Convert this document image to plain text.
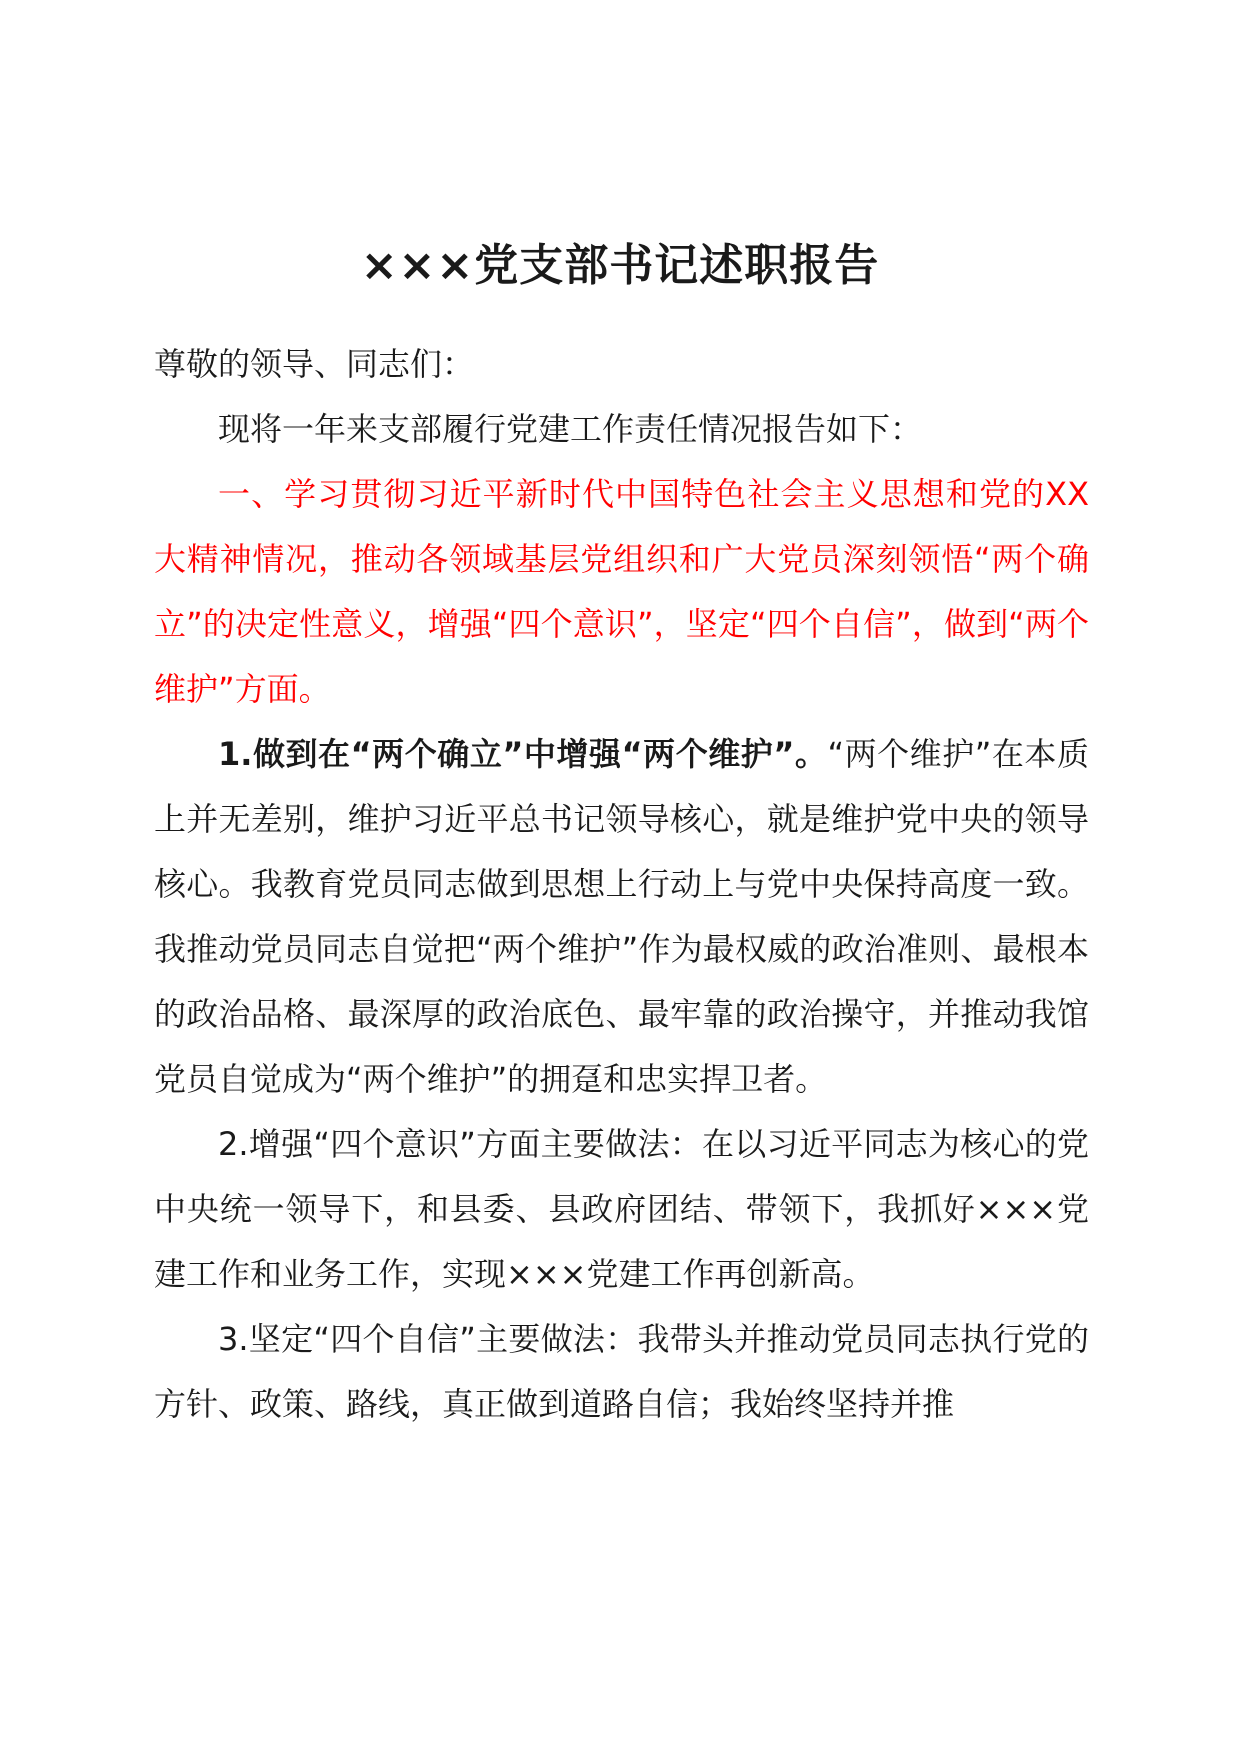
×××党支部书记述职报告

尊敬的领导、同志们：

现将一年来支部履行党建工作责任情况报告如下：

一、学习贯彻习近平新时代中国特色社会主义思想和党的XX大精神情况，推动各领域基层党组织和广大党员深刻领悟“两个确立”的决定性意义，增强“四个意识”，坚定“四个自信”，做到“两个维护”方面。

1.做到在“两个确立”中增强“两个维护”。“两个维护”在本质上并无差别，维护习近平总书记领导核心，就是维护党中央的领导核心。我教育党员同志做到思想上行动上与党中央保持高度一致。我推动党员同志自觉把“两个维护”作为最权威的政治准则、最根本的政治品格、最深厚的政治底色、最牢靠的政治操守，并推动我馆党员自觉成为“两个维护”的拥趸和忠实捍卫者。

2.增强“四个意识”方面主要做法：在以习近平同志为核心的党中央统一领导下，和县委、县政府团结、带领下，我抓好×××党建工作和业务工作，实现×××党建工作再创新高。

3.坚定“四个自信”主要做法：我带头并推动党员同志执行党的方针、政策、路线，真正做到道路自信；我始终坚持并推
